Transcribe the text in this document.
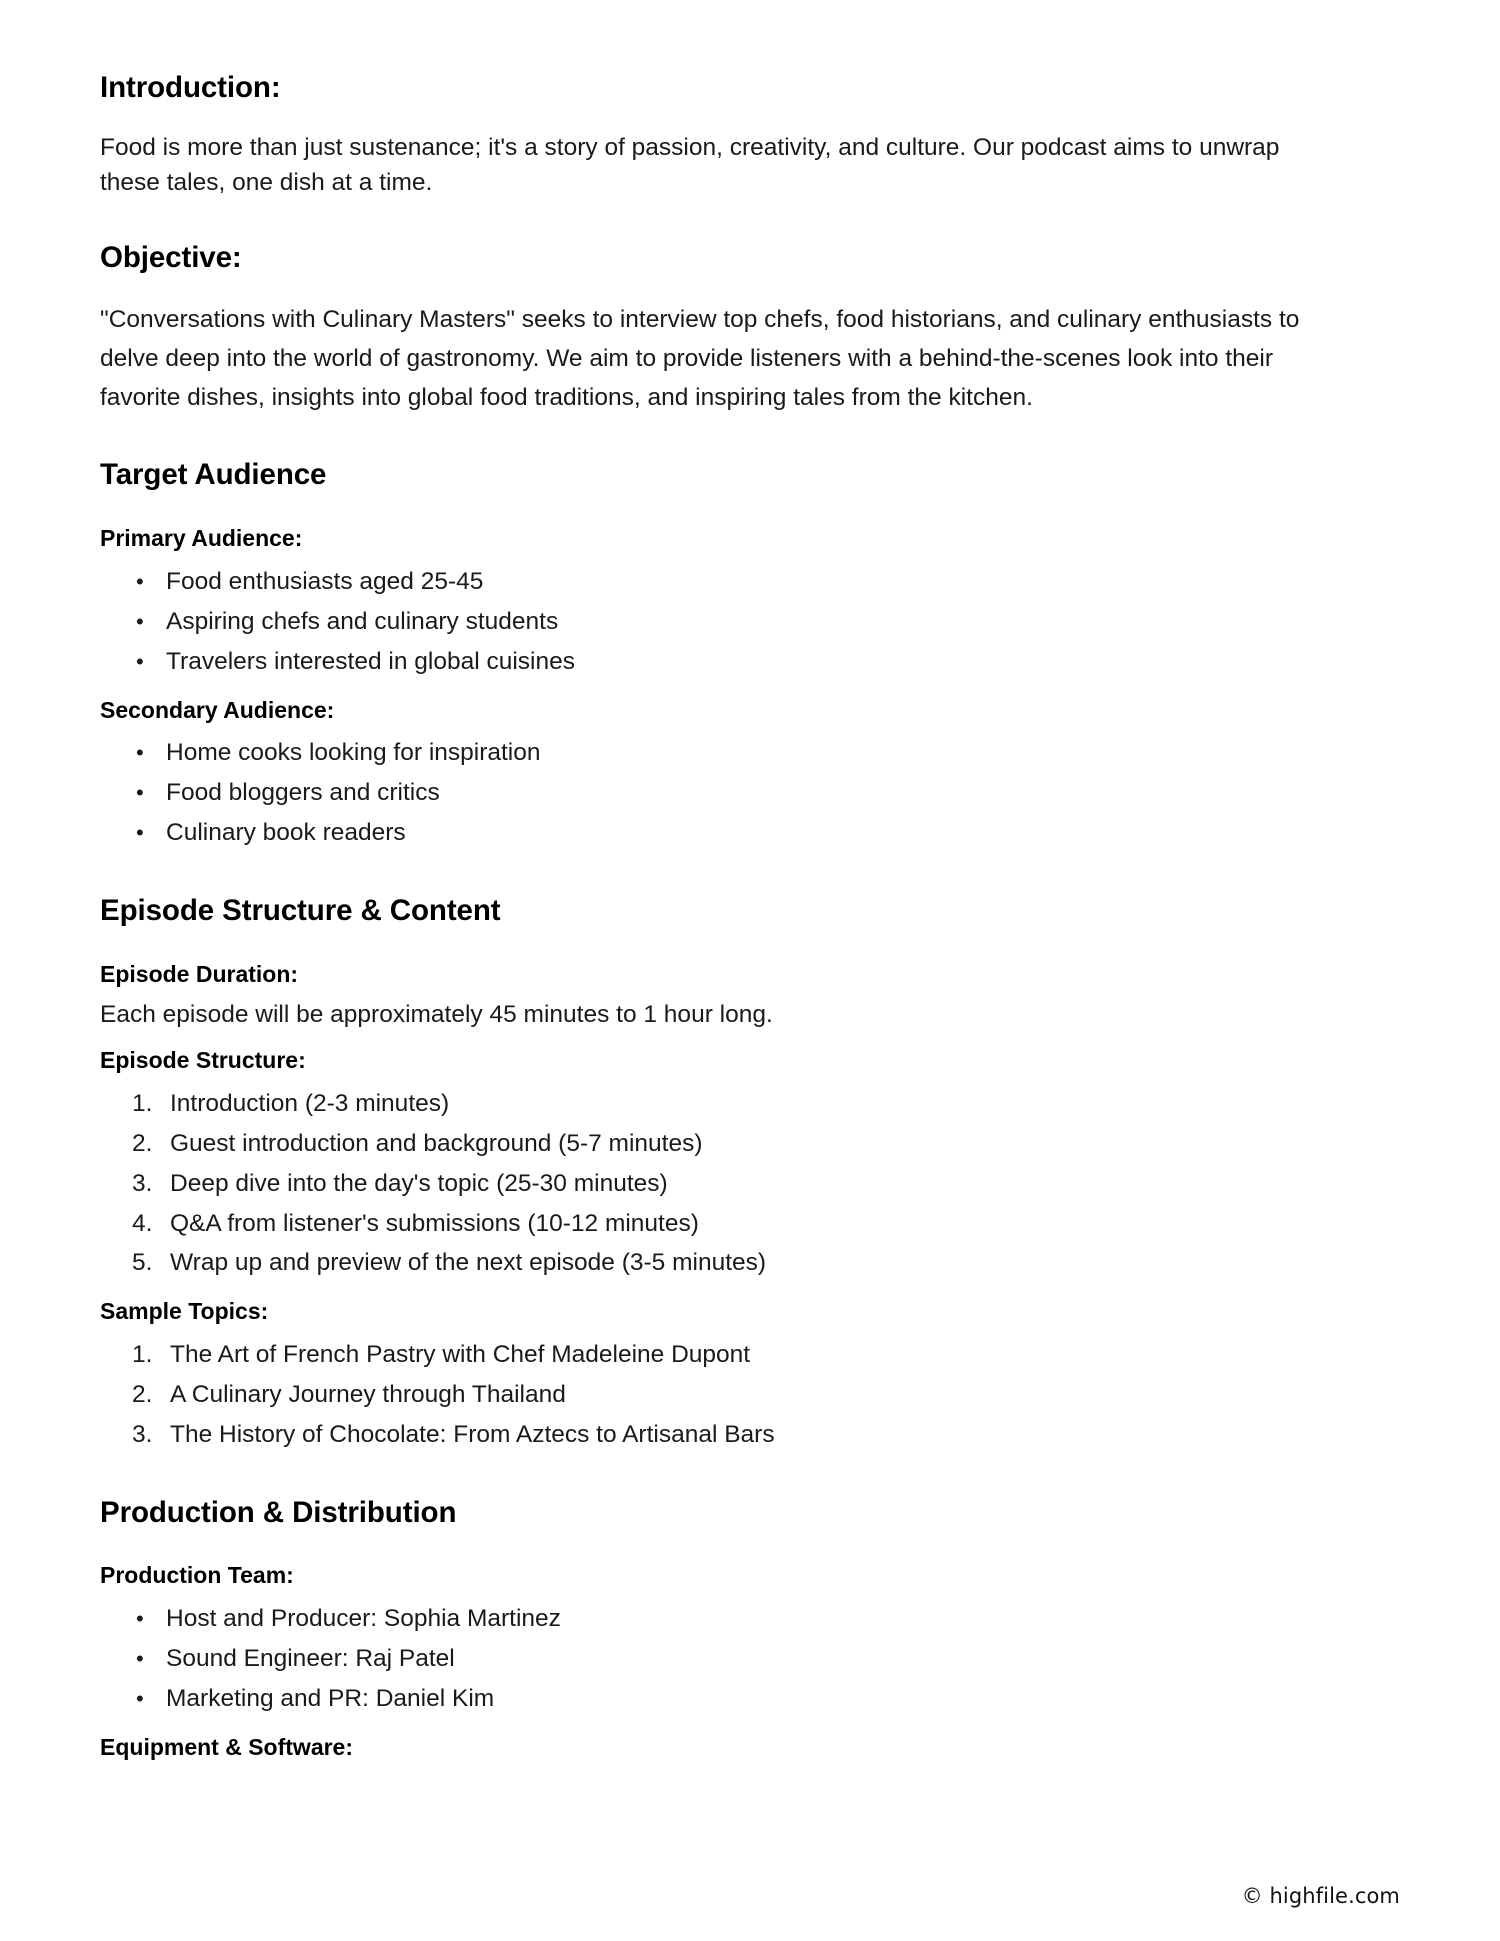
Introduction:

Food is more than just sustenance; it's a story of passion, creativity, and culture. Our podcast aims to unwrap these tales, one dish at a time.

Objective:

"Conversations with Culinary Masters" seeks to interview top chefs, food historians, and culinary enthusiasts to delve deep into the world of gastronomy. We aim to provide listeners with a behind-the-scenes look into their favorite dishes, insights into global food traditions, and inspiring tales from the kitchen.

Target Audience
Primary Audience:
• Food enthusiasts aged 25-45
• Aspiring chefs and culinary students
• Travelers interested in global cuisines
Secondary Audience:
• Home cooks looking for inspiration
• Food bloggers and critics
• Culinary book readers
Episode Structure & Content
Episode Duration:

Each episode will be approximately 45 minutes to 1 hour long.

Episode Structure:
1. Introduction (2-3 minutes)
2. Guest introduction and background (5-7 minutes)
3. Deep dive into the day's topic (25-30 minutes)
4. Q&A from listener's submissions (10-12 minutes)
5. Wrap up and preview of the next episode (3-5 minutes)
Sample Topics:
1. The Art of French Pastry with Chef Madeleine Dupont
2. A Culinary Journey through Thailand
3. The History of Chocolate: From Aztecs to Artisanal Bars
Production & Distribution
Production Team:
• Host and Producer: Sophia Martinez
• Sound Engineer: Raj Patel
• Marketing and PR: Daniel Kim
Equipment & Software:
© highfile.com
